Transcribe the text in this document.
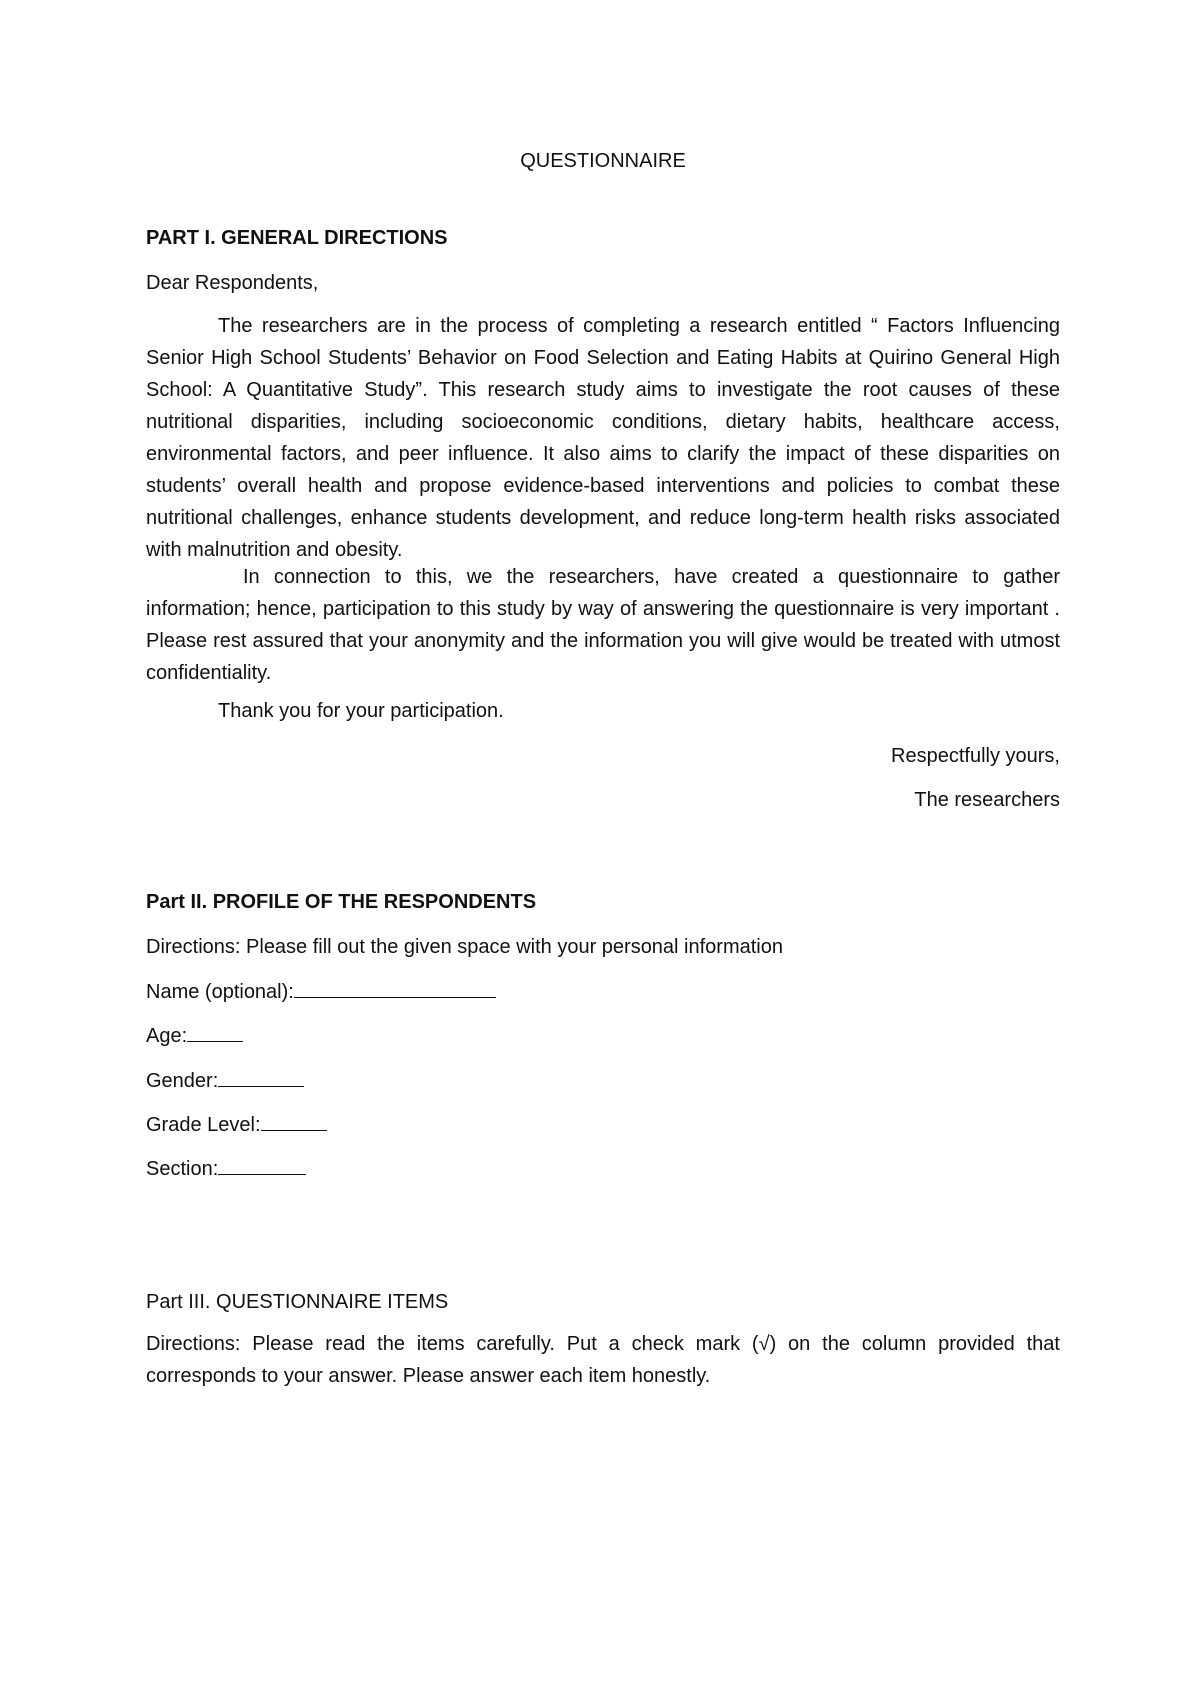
QUESTIONNAIRE
PART I. GENERAL DIRECTIONS
Dear Respondents,
The researchers are in the process of completing a research entitled “ Factors Influencing Senior High School Students’ Behavior on Food Selection and Eating Habits at Quirino General High School: A Quantitative Study”. This research study aims to investigate the root causes of these nutritional disparities, including socioeconomic conditions, dietary habits, healthcare access, environmental factors, and peer influence. It also aims to clarify the impact of these disparities on students’ overall health and propose evidence-based interventions and policies to combat these nutritional challenges, enhance students development, and reduce long-term health risks associated with malnutrition and obesity.
In connection to this, we the researchers, have created a questionnaire to gather information; hence, participation to this study by way of answering the questionnaire is very important . Please rest assured that your anonymity and the information you will give would be treated with utmost confidentiality.
Thank you for your participation.
Respectfully yours,
The researchers
Part II. PROFILE OF THE RESPONDENTS
Directions: Please fill out the given space with your personal information
Name (optional):
Age:
Gender:
Grade Level:
Section:
Part III. QUESTIONNAIRE ITEMS
Directions: Please read the items carefully. Put a check mark (√) on the column provided that corresponds to your answer. Please answer each item honestly.
